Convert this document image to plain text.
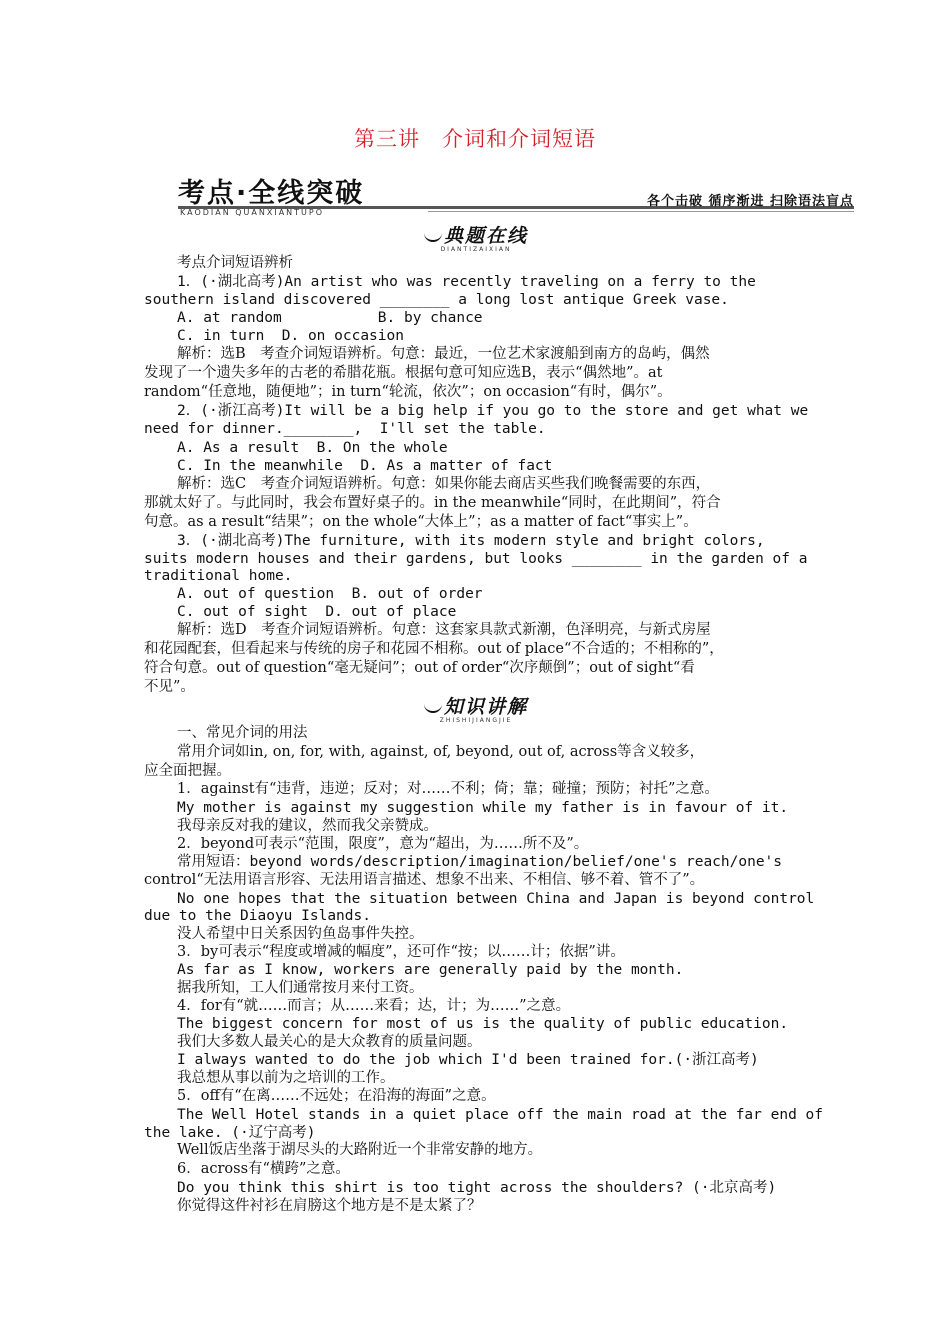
第三讲　介词和介词短语
考点·全线突破
KAODIAN QUANXIANTUPO
各个击破 循序渐进 扫除语法盲点
典题在线
DIANTIZAIXIAN
知识讲解
ZHISHIJIANGJIE
考点介词短语辨析
1．(·湖北高考)An artist who was recently traveling on a ferry to the
southern island discovered ________ a long lost antique Greek vase.
A. at random           B. by chance
C. in turn  D. on occasion
解析：选B　考查介词短语辨析。句意：最近，一位艺术家渡船到南方的岛屿，偶然
发现了一个遗失多年的古老的希腊花瓶。根据句意可知应选B，表示“偶然地”。at
random“任意地，随便地”；in turn“轮流，依次”；on occasion“有时，偶尔”。
2．(·浙江高考)It will be a big help if you go to the store and get what we
need for dinner.________,  I'll set the table.
A. As a result  B. On the whole
C. In the meanwhile  D. As a matter of fact
解析：选C　考查介词短语辨析。句意：如果你能去商店买些我们晚餐需要的东西，
那就太好了。与此同时，我会布置好桌子的。in the meanwhile“同时，在此期间”，符合
句意。as a result“结果”；on the whole“大体上”；as a matter of fact“事实上”。
3．(·湖北高考)The furniture, with its modern style and bright colors,
suits modern houses and their gardens, but looks ________ in the garden of a
traditional home.
A. out of question  B. out of order
C. out of sight  D. out of place
解析：选D　考查介词短语辨析。句意：这套家具款式新潮，色泽明亮，与新式房屋
和花园配套，但看起来与传统的房子和花园不相称。out of place“不合适的；不相称的”，
符合句意。out of question“毫无疑问”；out of order“次序颠倒”；out of sight“看
不见”。
一、常见介词的用法
常用介词如in, on, for, with, against, of, beyond, out of, across等含义较多，
应全面把握。
1．against有“违背，违逆；反对；对……不利；倚；靠；碰撞；预防；衬托”之意。
My mother is against my suggestion while my father is in favour of it.
我母亲反对我的建议，然而我父亲赞成。
2．beyond可表示“范围，限度”，意为“超出，为……所不及”。
常用短语：beyond words/description/imagination/belief/one's reach/one's
control“无法用语言形容、无法用语言描述、想象不出来、不相信、够不着、管不了”。
No one hopes that the situation between China and Japan is beyond control
due to the Diaoyu Islands.
没人希望中日关系因钓鱼岛事件失控。
3．by可表示“程度或增减的幅度”，还可作“按；以……计；依据”讲。
As far as I know, workers are generally paid by the month.
据我所知，工人们通常按月来付工资。
4．for有“就……而言；从……来看；达，计；为……”之意。
The biggest concern for most of us is the quality of public education.
我们大多数人最关心的是大众教育的质量问题。
I always wanted to do the job which I'd been trained for.(·浙江高考)
我总想从事以前为之培训的工作。
5．off有“在离……不远处；在沿海的海面”之意。
The Well Hotel stands in a quiet place off the main road at the far end of
the lake. (·辽宁高考)
Well饭店坐落于湖尽头的大路附近一个非常安静的地方。
6．across有“横跨”之意。
Do you think this shirt is too tight across the shoulders? (·北京高考)
你觉得这件衬衫在肩膀这个地方是不是太紧了？
